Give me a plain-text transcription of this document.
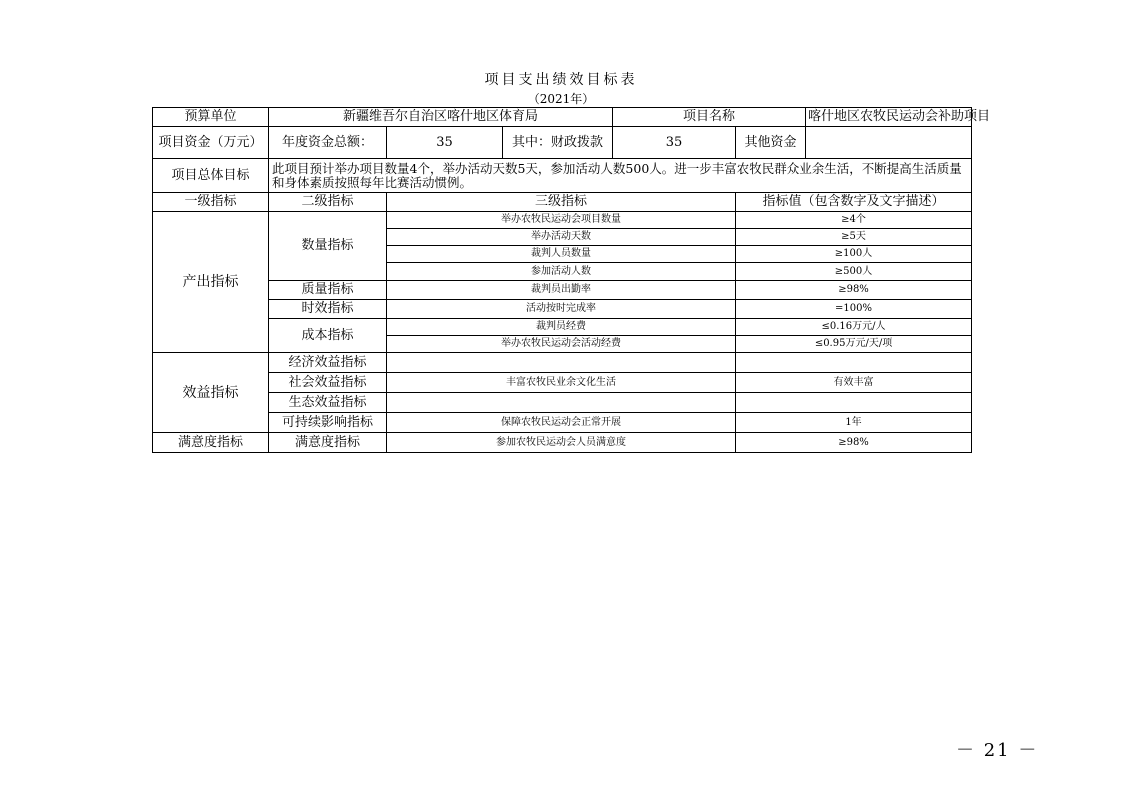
项目支出绩效目标表
（2021年）
预算单位	新疆维吾尔自治区喀什地区体育局			项目名称		喀什地区农牧民运动会补助项目
项目资金（万元）	年度资金总额：	35	其中：财政拨款	35	其他资金	
项目总体目标	此项目预计举办项目数量4个，举办活动天数5天，参加活动人数500人。进一步丰富农牧民群众业余生活，不断提高生活质量和身体素质按照每年比赛活动惯例。					
一级指标	二级指标	三级指标			指标值（包含数字及文字描述）	
产出指标	数量指标	举办农牧民运动会项目数量			≥4个	
		举办活动天数			≥5天	
		裁判人员数量			≥100人	
		参加活动人数			≥500人	
	质量指标	裁判员出勤率			≥98%	
	时效指标	活动按时完成率			=100%	
	成本指标	裁判员经费			≤0.16万元/人	
		举办农牧民运动会活动经费			≤0.95万元/天/项	
效益指标	经济效益指标					
	社会效益指标	丰富农牧民业余文化生活			有效丰富	
	生态效益指标					
	可持续影响指标	保障农牧民运动会正常开展			1年	
满意度指标	满意度指标	参加农牧民运动会人员满意度			≥98%	
－ 21 －
